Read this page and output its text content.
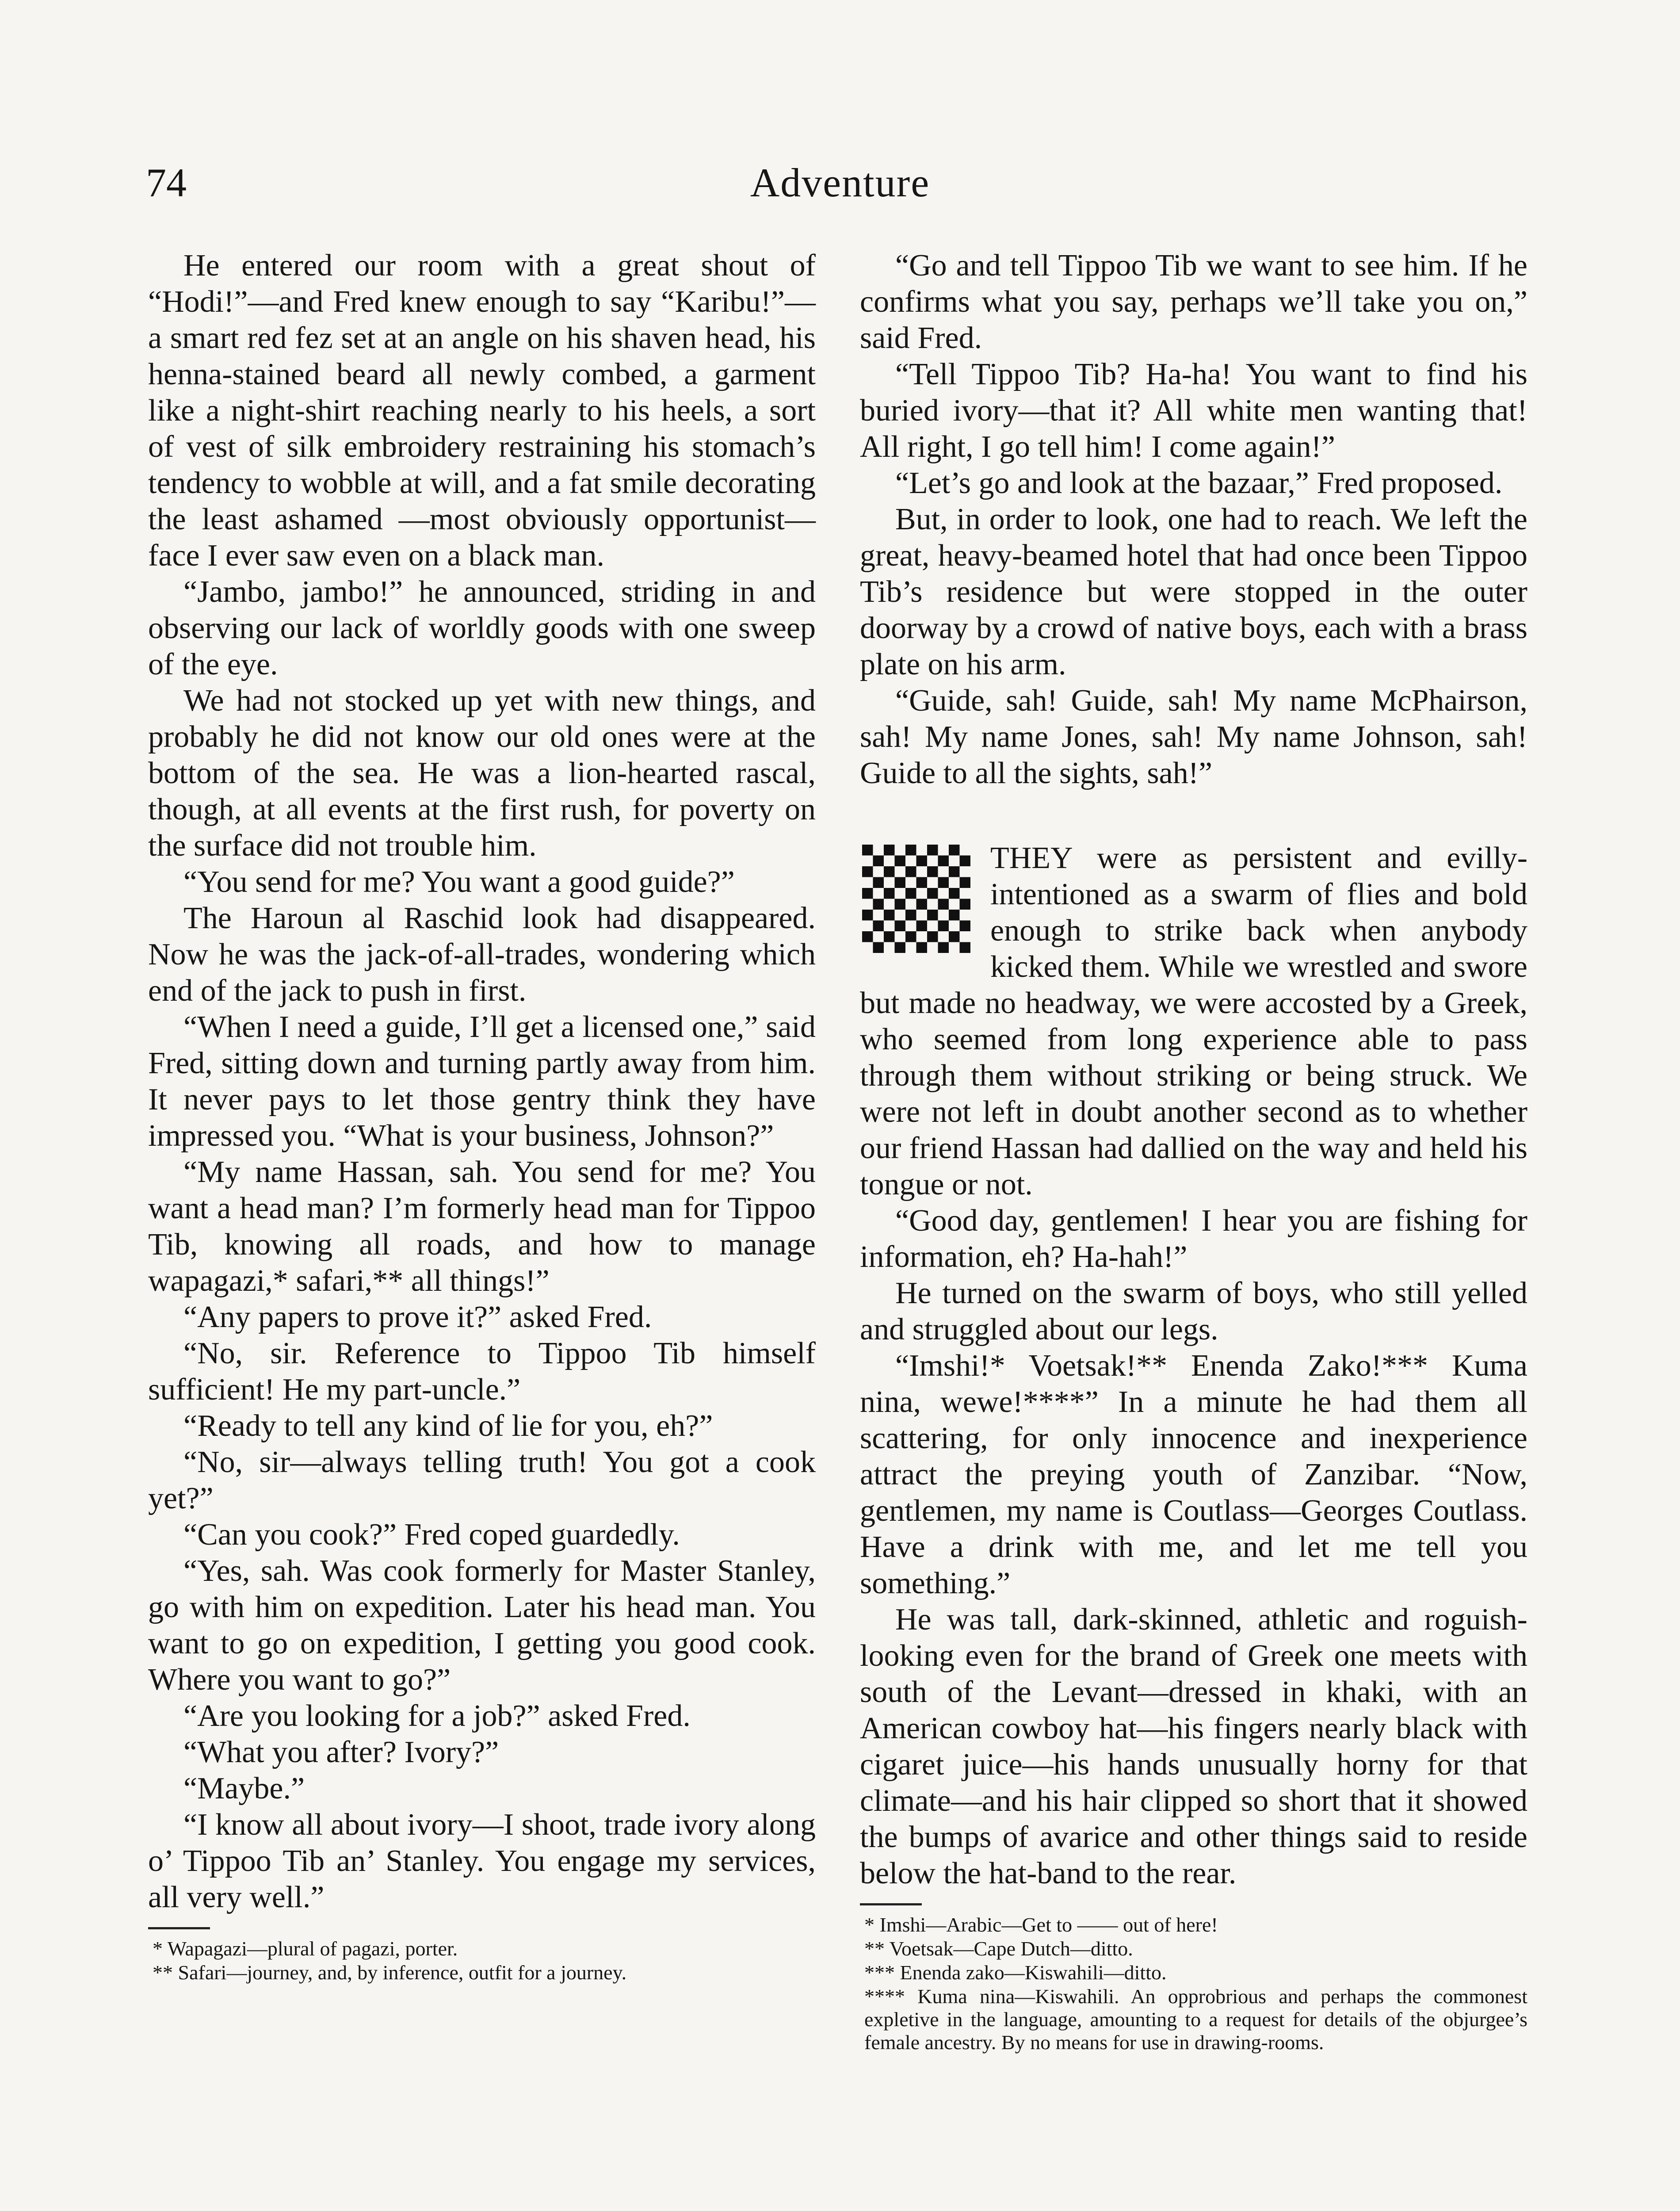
74	Adventure

He entered our room with a great shout of “Hodi!”—and Fred knew enough to say “Karibu!”—a smart red fez set at an angle on his shaven head, his henna-stained beard all newly combed, a garment like a night-shirt reaching nearly to his heels, a sort of vest of silk embroidery restraining his stomach’s tendency to wobble at will, and a fat smile decorating the least ashamed —most obviously opportunist—face I ever saw even on a black man.

“Jambo, jambo!” he announced, striding in and observing our lack of worldly goods with one sweep of the eye.

We had not stocked up yet with new things, and probably he did not know our old ones were at the bottom of the sea. He was a lion-hearted rascal, though, at all events at the first rush, for poverty on the surface did not trouble him.

“You send for me? You want a good guide?”

The Haroun al Raschid look had disappeared. Now he was the jack-of-all-trades, wondering which end of the jack to push in first.

“When I need a guide, I’ll get a licensed one,” said Fred, sitting down and turning partly away from him. It never pays to let those gentry think they have impressed you. “What is your business, Johnson?”

“My name Hassan, sah. You send for me? You want a head man? I’m formerly head man for Tippoo Tib, knowing all roads, and how to manage wapagazi,* safari,** all things!”

“Any papers to prove it?” asked Fred.

“No, sir. Reference to Tippoo Tib himself sufficient! He my part-uncle.”

“Ready to tell any kind of lie for you, eh?”

“No, sir—always telling truth! You got a cook yet?”

“Can you cook?” Fred coped guardedly.

“Yes, sah. Was cook formerly for Master Stanley, go with him on expedition. Later his head man. You want to go on expedition, I getting you good cook. Where you want to go?”

“Are you looking for a job?” asked Fred.

“What you after? Ivory?”

“Maybe.”

“I know all about ivory—I shoot, trade ivory along o’ Tippoo Tib an’ Stanley. You engage my services, all very well.”

* Wapagazi—plural of pagazi, porter.
** Safari—journey, and, by inference, outfit for a journey.

“Go and tell Tippoo Tib we want to see him. If he confirms what you say, perhaps we’ll take you on,” said Fred.

“Tell Tippoo Tib? Ha-ha! You want to find his buried ivory—that it? All white men wanting that! All right, I go tell him! I come again!”

“Let’s go and look at the bazaar,” Fred proposed.

But, in order to look, one had to reach. We left the great, heavy-beamed hotel that had once been Tippoo Tib’s residence but were stopped in the outer doorway by a crowd of native boys, each with a brass plate on his arm.

“Guide, sah! Guide, sah! My name McPhairson, sah! My name Jones, sah! My name Johnson, sah! Guide to all the sights, sah!”

THEY were as persistent and evilly-intentioned as a swarm of flies and bold enough to strike back when anybody kicked them. While we wrestled and swore but made no headway, we were accosted by a Greek, who seemed from long experience able to pass through them without striking or being struck. We were not left in doubt another second as to whether our friend Hassan had dallied on the way and held his tongue or not.

“Good day, gentlemen! I hear you are fishing for information, eh? Ha-hah!”

He turned on the swarm of boys, who still yelled and struggled about our legs.

“Imshi!* Voetsak!** Enenda Zako!*** Kuma nina, wewe!****” In a minute he had them all scattering, for only innocence and inexperience attract the preying youth of Zanzibar. “Now, gentlemen, my name is Coutlass—Georges Coutlass. Have a drink with me, and let me tell you something.”

He was tall, dark-skinned, athletic and roguish-looking even for the brand of Greek one meets with south of the Levant—dressed in khaki, with an American cowboy hat—his fingers nearly black with cigaret juice—his hands unusually horny for that climate—and his hair clipped so short that it showed the bumps of avarice and other things said to reside below the hat-band to the rear.

* Imshi—Arabic—Get to —— out of here!
** Voetsak—Cape Dutch—ditto.
*** Enenda zako—Kiswahili—ditto.
**** Kuma nina—Kiswahili. An opprobrious and perhaps the commonest expletive in the language, amounting to a request for details of the objurgee’s female ancestry. By no means for use in drawing-rooms.
